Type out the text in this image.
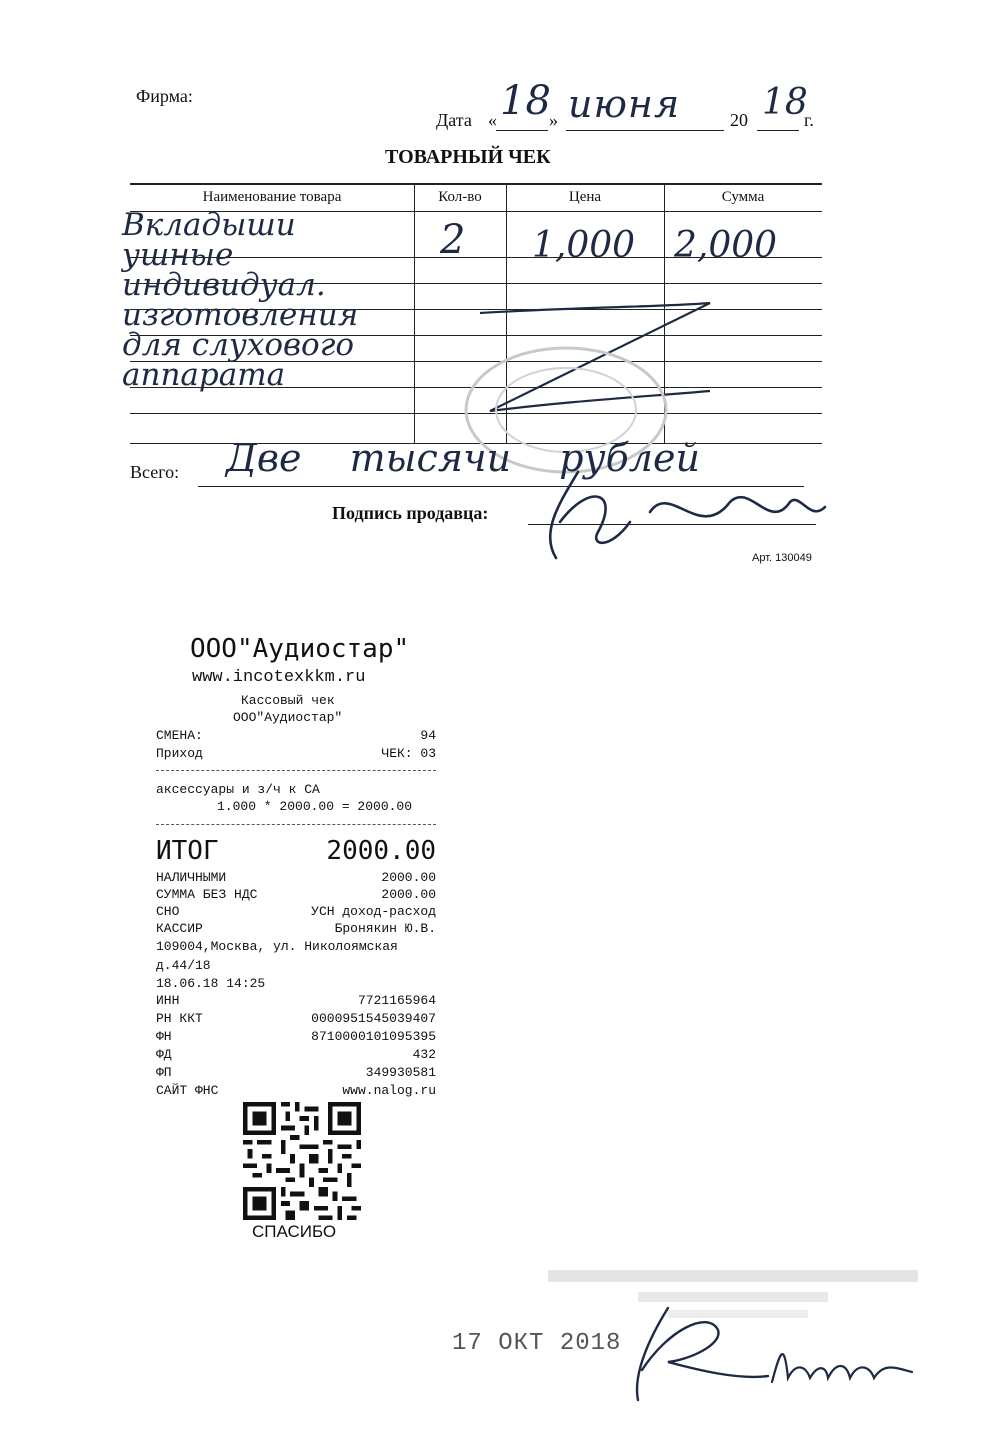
Фирма:
Дата «	»	20	г.
18 июня 18
ТОВАРНЫЙ ЧЕК
Наименование товара	Кол-во	Цена	Сумма
Вкладыши
ушные
индивидуал.
изготовления
для слухового
аппарата
2 1,000 2,000
Всего: Две тысячи рублей
Подпись продавца:
Арт. 130049
ООО"Аудиостар"
www.incotexkkm.ru
Кассовый чек
ООО"Аудиостар"
СМЕНА:	94
Приход	ЧЕК: 03
аксессуары и з/ч к СА
1.000 * 2000.00 = 2000.00
ИТОГ	2000.00
НАЛИЧНЫМИ	2000.00
СУММА БЕЗ НДС	2000.00
СНО	УСН доход-расход
КАССИР	Бронякин Ю.В.
109004,Москва, ул. Николоямская
д.44/18
18.06.18 14:25
ИНН	7721165964
РН ККТ	0000951545039407
ФН	8710000101095395
ФД	432
ФП	349930581
САЙТ ФНС	www.nalog.ru
СПАСИБО
17 ОКТ 2018
